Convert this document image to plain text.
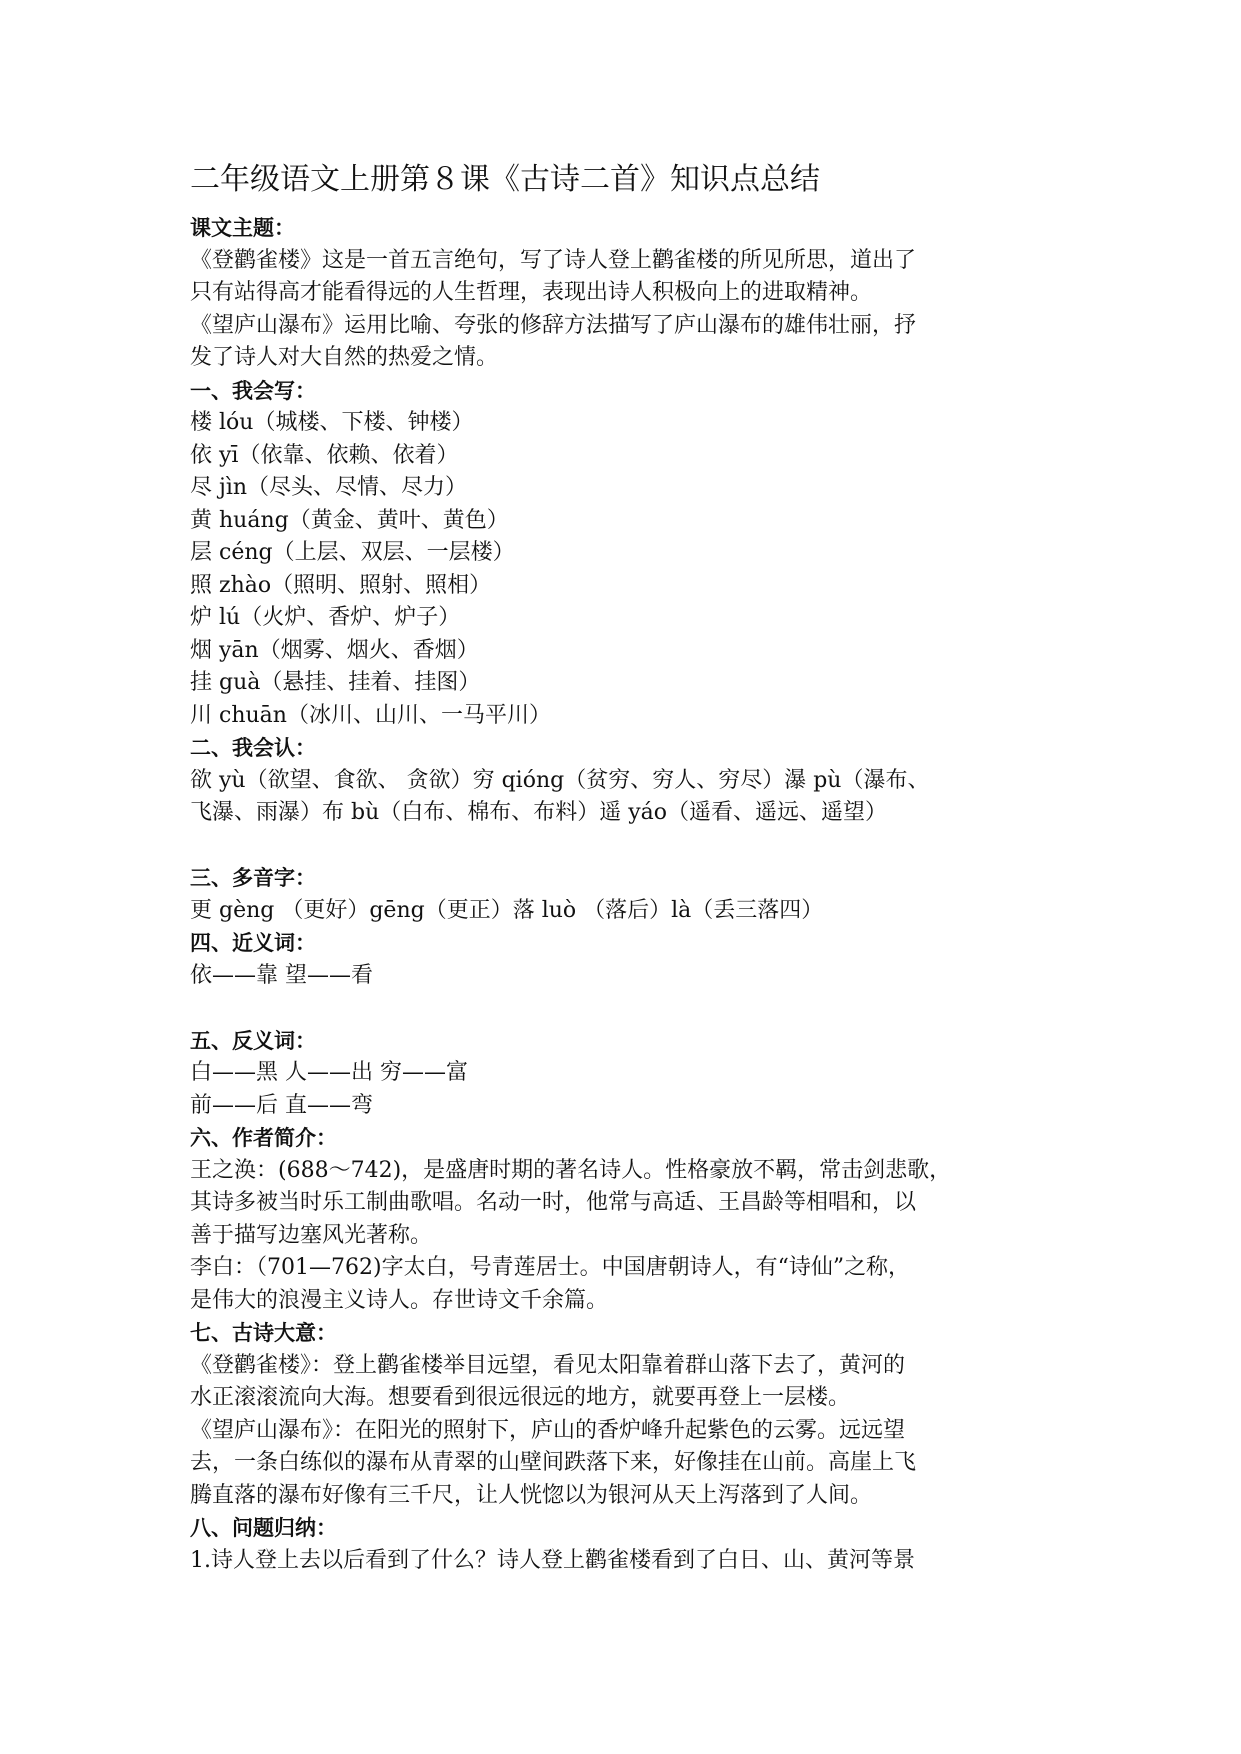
二年级语文上册第８课《古诗二首》知识点总结

课文主题：

《登鹳雀楼》这是一首五言绝句，写了诗人登上鹳雀楼的所见所思，道出了

只有站得高才能看得远的人生哲理，表现出诗人积极向上的进取精神。

《望庐山瀑布》运用比喻、夸张的修辞方法描写了庐山瀑布的雄伟壮丽，抒

发了诗人对大自然的热爱之情。

一、我会写：

楼 lóu（城楼、下楼、钟楼）

依 yī（依靠、依赖、依着）

尽 jìn（尽头、尽情、尽力）

黄 huáng（黄金、黄叶、黄色）

层 céng（上层、双层、一层楼）

照 zhào（照明、照射、照相）

炉 lú（火炉、香炉、炉子）

烟 yān（烟雾、烟火、香烟）

挂 guà（悬挂、挂着、挂图）

川 chuān（冰川、山川、一马平川）

二、我会认：

欲 yù（欲望、食欲、 贪欲）穷 qióng（贫穷、穷人、穷尽）瀑 pù（瀑布、

飞瀑、雨瀑）布 bù（白布、棉布、布料）遥 yáo（遥看、遥远、遥望）

三、多音字：

更 gèng （更好）gēng（更正）落 luò （落后）là（丢三落四）

四、近义词：

依——靠 望——看

五、反义词：

白——黑 人——出 穷——富

前——后 直——弯

六、作者简介：

王之涣：(688～742)，是盛唐时期的著名诗人。性格豪放不羁，常击剑悲歌，

其诗多被当时乐工制曲歌唱。名动一时，他常与高适、王昌龄等相唱和，以

善于描写边塞风光著称。

李白：（701—762)字太白，号青莲居士。中国唐朝诗人，有“诗仙”之称，

是伟大的浪漫主义诗人。存世诗文千余篇。

七、古诗大意：

《登鹳雀楼》：登上鹳雀楼举目远望，看见太阳靠着群山落下去了，黄河的

水正滚滚流向大海。想要看到很远很远的地方，就要再登上一层楼。

《望庐山瀑布》：在阳光的照射下，庐山的香炉峰升起紫色的云雾。远远望

去，一条白练似的瀑布从青翠的山壁间跌落下来，好像挂在山前。高崖上飞

腾直落的瀑布好像有三千尺，让人恍惚以为银河从天上泻落到了人间。

八、问题归纳：

1.诗人登上去以后看到了什么？诗人登上鹳雀楼看到了白日、山、黄河等景
